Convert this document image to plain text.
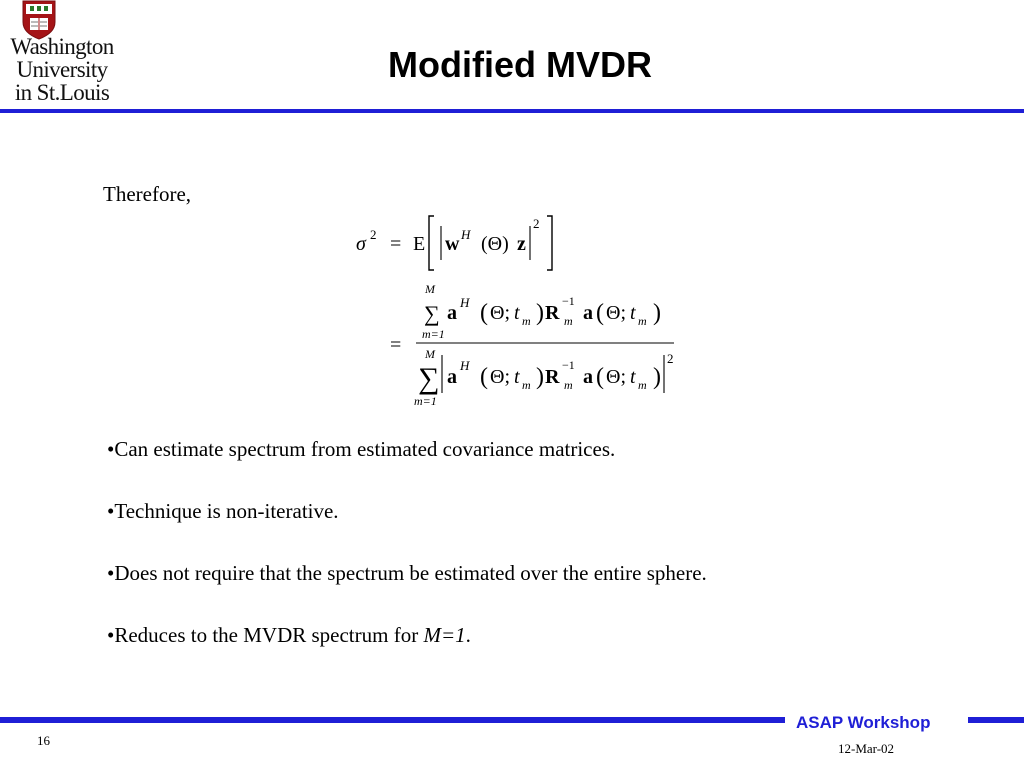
Washington
University
in St.Louis
Modified MVDR
Therefore,
σ 2 = E w H (Θ) z
2
=
M
∑
m=1
a H ( Θ; t m ) R
−1
m a ( Θ; t m )
M
∑
m=1
a
H ( Θ; t m ) R
−1
m a ( Θ; t m )
2
•Can estimate spectrum from estimated covariance matrices.
•Technique is non-iterative.
•Does not require that the spectrum be estimated over the entire sphere.
•Reduces to the MVDR spectrum for M=1.
ASAP Workshop
16
12-Mar-02
